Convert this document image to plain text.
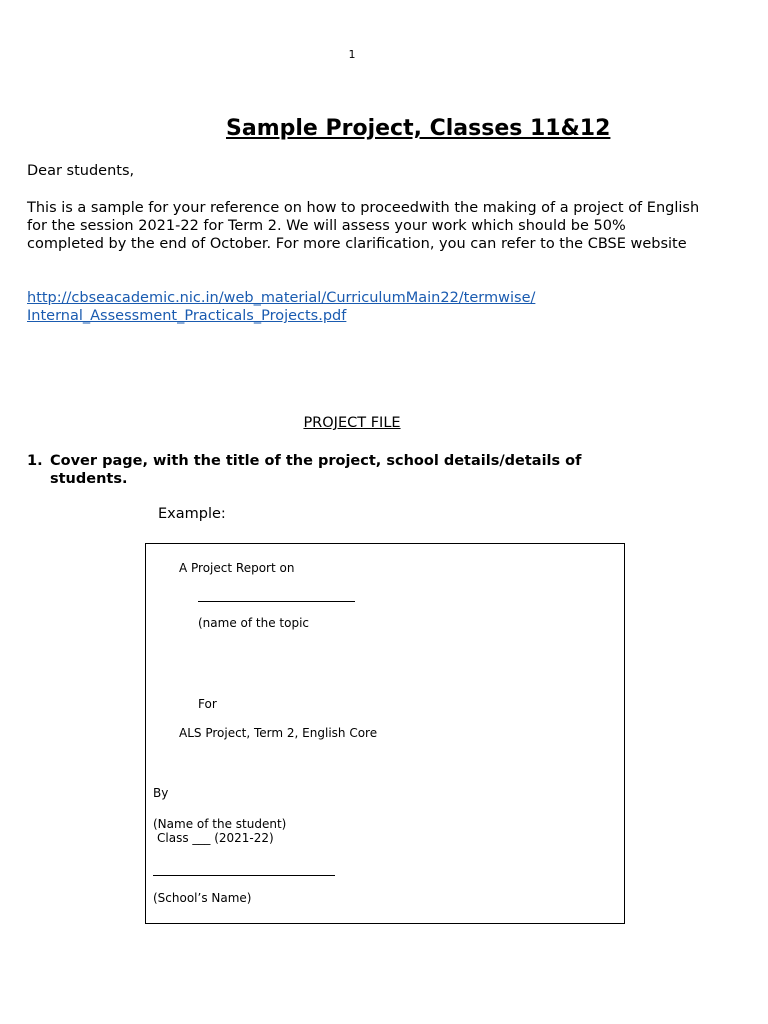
1
Sample Project, Classes 11&12
Dear students,
This is a sample for your reference on how to proceedwith the making of a project of English for the session 2021-22 for Term 2. We will assess your work which should be 50% completed by the end of October. For more clarification, you can refer to the CBSE website
http://cbseacademic.nic.in/web_material/CurriculumMain22/termwise/
Internal_Assessment_Practicals_Projects.pdf
PROJECT FILE
1. Cover page, with the title of the project, school details/details of students.
Example:
A Project Report on
(name of the topic
For
ALS Project, Term 2, English Core
By
(Name of the student)
Class ___ (2021-22)
(School’s Name)
